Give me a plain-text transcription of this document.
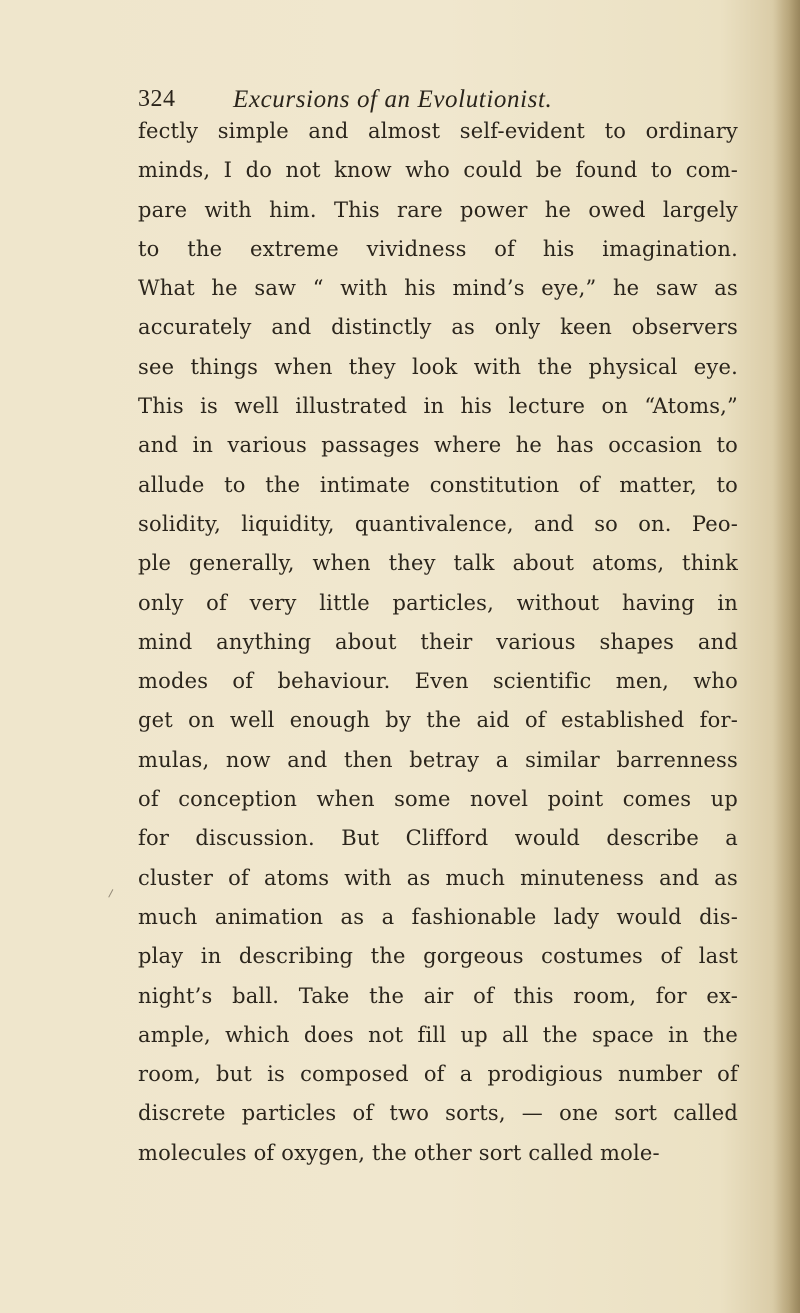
324 Excursions of an Evolutionist.
fectly simple and almost self-evident to ordinary
minds, I do not know who could be found to com-
pare with him. This rare power he owed largely
to the extreme vividness of his imagination.
What he saw “ with his mind’s eye,” he saw as
accurately and distinctly as only keen observers
see things when they look with the physical eye.
This is well illustrated in his lecture on “Atoms,”
and in various passages where he has occasion to
allude to the intimate constitution of matter, to
solidity, liquidity, quantivalence, and so on. Peo-
ple generally, when they talk about atoms, think
only of very little particles, without having in
mind anything about their various shapes and
modes of behaviour. Even scientific men, who
get on well enough by the aid of established for-
mulas, now and then betray a similar barrenness
of conception when some novel point comes up
for discussion. But Clifford would describe a
cluster of atoms with as much minuteness and as
much animation as a fashionable lady would dis-
play in describing the gorgeous costumes of last
night’s ball. Take the air of this room, for ex-
ample, which does not fill up all the space in the
room, but is composed of a prodigious number of
discrete particles of two sorts, — one sort called
molecules of oxygen, the other sort called mole-
